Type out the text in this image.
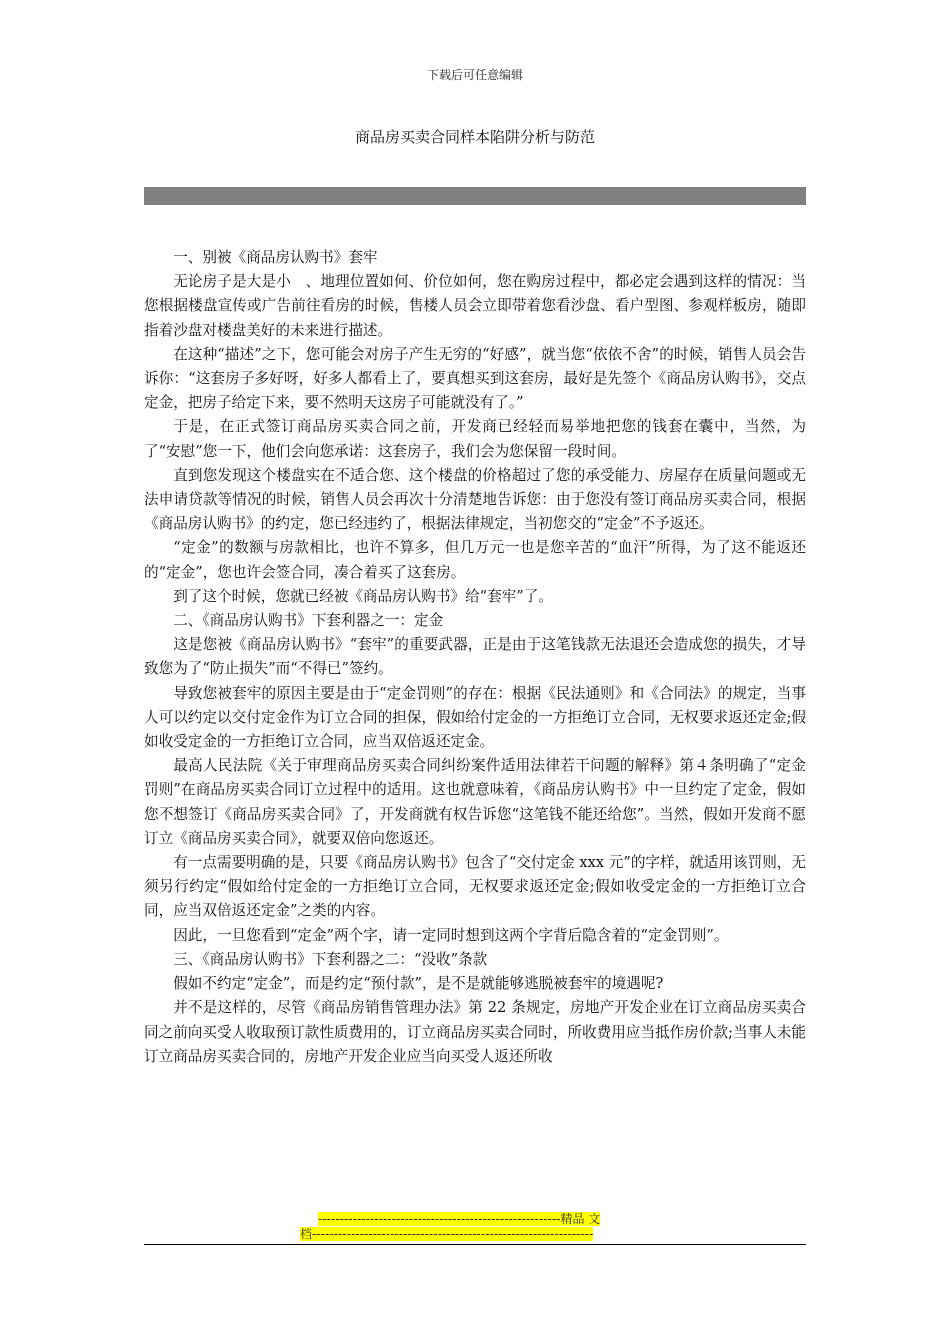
下载后可任意编辑
商品房买卖合同样本陷阱分析与防范

一、别被《商品房认购书》套牢

无论房子是大是小　、地理位置如何、价位如何，您在购房过程中，都必定会遇到这样的情况：当您根据楼盘宣传或广告前往看房的时候，售楼人员会立即带着您看沙盘、看户型图、参观样板房，随即指着沙盘对楼盘美好的未来进行描述。

在这种“描述”之下，您可能会对房子产生无穷的“好感”，就当您“依依不舍”的时候，销售人员会告诉你：“这套房子多好呀，好多人都看上了，要真想买到这套房，最好是先签个《商品房认购书》，交点定金，把房子给定下来，要不然明天这房子可能就没有了。”

于是，在正式签订商品房买卖合同之前，开发商已经轻而易举地把您的钱套在囊中，当然，为了“安慰”您一下，他们会向您承诺：这套房子，我们会为您保留一段时间。

直到您发现这个楼盘实在不适合您、这个楼盘的价格超过了您的承受能力、房屋存在质量问题或无法申请贷款等情况的时候，销售人员会再次十分清楚地告诉您：由于您没有签订商品房买卖合同，根据《商品房认购书》的约定，您已经违约了，根据法律规定，当初您交的“定金”不予返还。

“定金”的数额与房款相比，也许不算多，但几万元一也是您辛苦的“血汗”所得，为了这不能返还的“定金”，您也许会签合同，凑合着买了这套房。

到了这个时候，您就已经被《商品房认购书》给“套牢”了。

二、《商品房认购书》下套利器之一：定金

这是您被《商品房认购书》“套牢”的重要武器，正是由于这笔钱款无法退还会造成您的损失，才导致您为了“防止损失”而“不得已”签约。

导致您被套牢的原因主要是由于“定金罚则”的存在：根据《民法通则》和《合同法》的规定，当事人可以约定以交付定金作为订立合同的担保，假如给付定金的一方拒绝订立合同，无权要求返还定金;假如收受定金的一方拒绝订立合同，应当双倍返还定金。

最高人民法院《关于审理商品房买卖合同纠纷案件适用法律若干问题的解释》第４条明确了“定金罚则”在商品房买卖合同订立过程中的适用。这也就意味着，《商品房认购书》中一旦约定了定金，假如您不想签订《商品房买卖合同》了，开发商就有权告诉您“这笔钱不能还给您”。当然，假如开发商不愿订立《商品房买卖合同》，就要双倍向您返还。

有一点需要明确的是，只要《商品房认购书》包含了“交付定金 xxx 元”的字样，就适用该罚则，无须另行约定“假如给付定金的一方拒绝订立合同，无权要求返还定金;假如收受定金的一方拒绝订立合同，应当双倍返还定金”之类的内容。

因此，一旦您看到“定金”两个字，请一定同时想到这两个字背后隐含着的“定金罚则”。

三、《商品房认购书》下套利器之二：“没收”条款

假如不约定“定金”，而是约定“预付款”，是不是就能够逃脱被套牢的境遇呢?

并不是这样的，尽管《商品房销售管理办法》第 22 条规定，房地产开发企业在订立商品房买卖合同之前向买受人收取预订款性质费用的，订立商品房买卖合同时，所收费用应当抵作房价款;当事人未能订立商品房买卖合同的，房地产开发企业应当向买受人返还所收

--------------------------------------------------------精品 文
档-----------------------------------------------------------------
